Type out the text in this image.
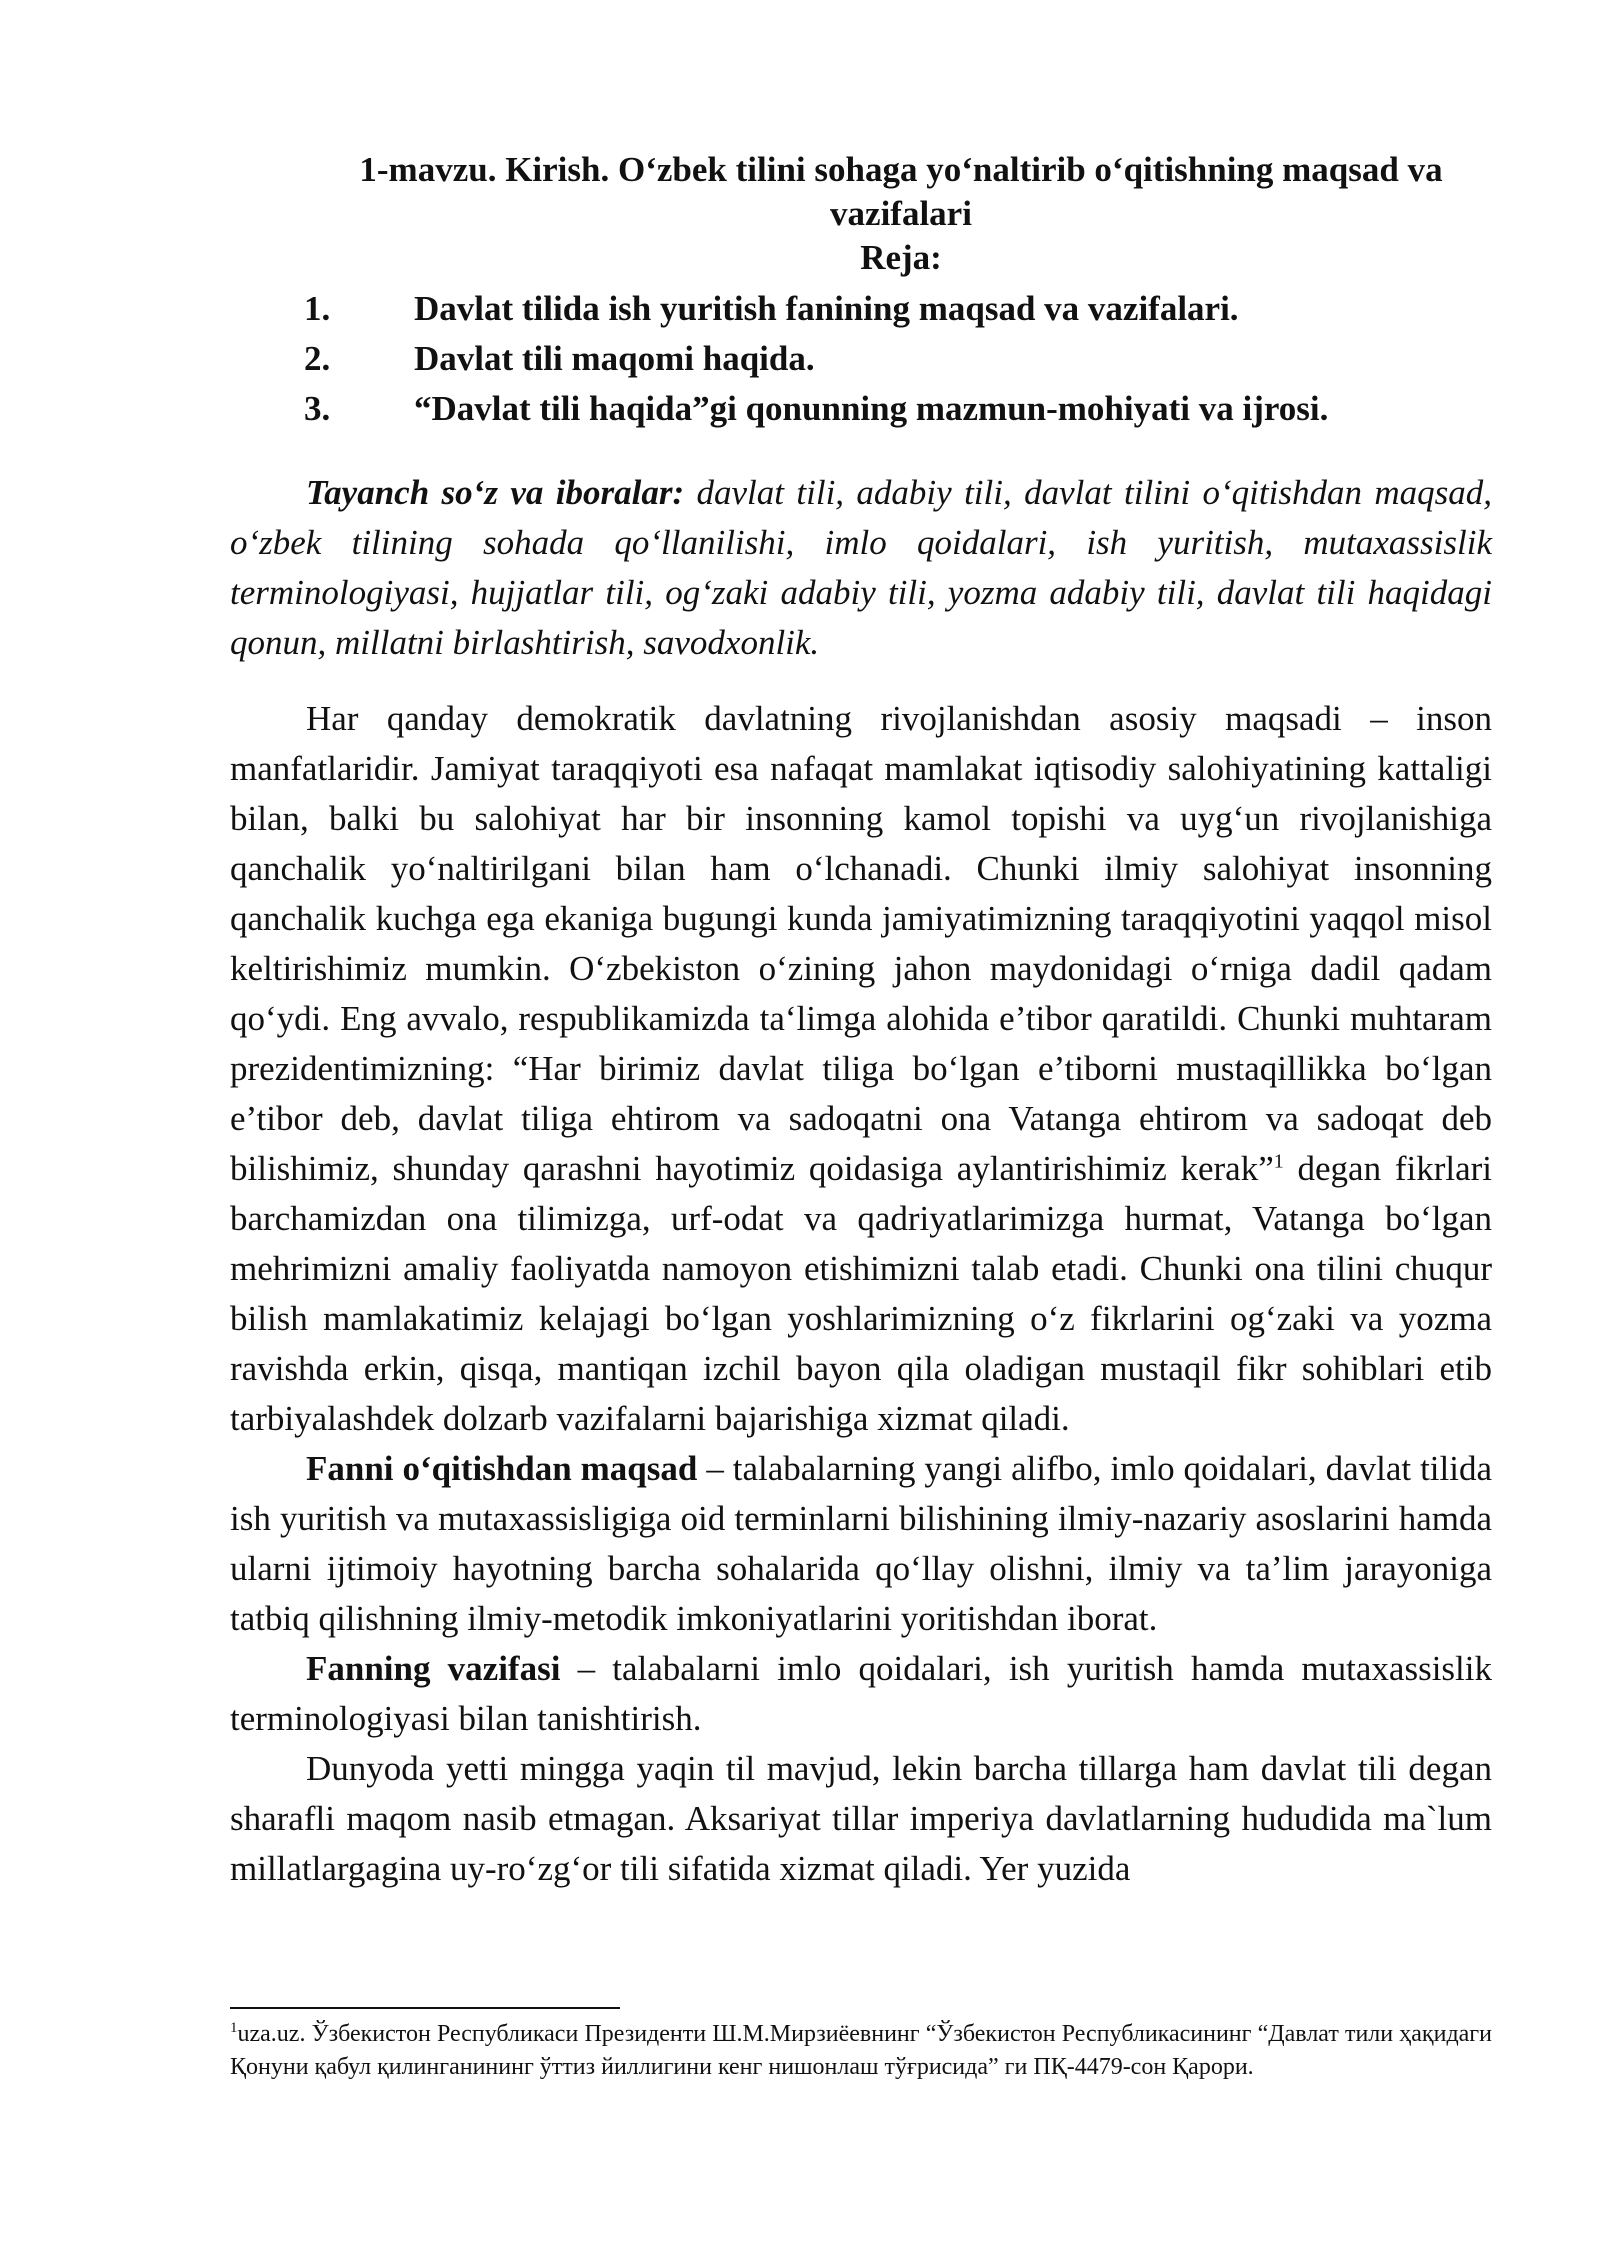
1-mavzu. Kirish. O‘zbek tilini sohaga yo‘naltirib o‘qitishning maqsad va vazifalari
Reja:
1.	Davlat tilida ish yuritish fanining maqsad va vazifalari.
2.	Davlat tili maqomi haqida.
3.	“Davlat tili haqida”gi qonunning mazmun-mohiyati va ijrosi.

Tayanch so‘z va iboralar: davlat tili, adabiy tili, davlat tilini o‘qitishdan maqsad, o‘zbek tilining sohada qo‘llanilishi, imlo qoidalari, ish yuritish, mutaxassislik terminologiyasi, hujjatlar tili, og‘zaki adabiy tili, yozma adabiy tili, davlat tili haqidagi qonun, millatni birlashtirish, savodxonlik.

Har qanday demokratik davlatning rivojlanishdan asosiy maqsadi – inson manfatlaridir. Jamiyat taraqqiyoti esa nafaqat mamlakat iqtisodiy salohiyatining kattaligi bilan, balki bu salohiyat har bir insonning kamol topishi va uyg‘un rivojlanishiga qanchalik yo‘naltirilgani bilan ham o‘lchanadi. Chunki ilmiy salohiyat insonning qanchalik kuchga ega ekaniga bugungi kunda jamiyatimizning taraqqiyotini yaqqol misol keltirishimiz mumkin. O‘zbekiston o‘zining jahon maydonidagi o‘rniga dadil qadam qo‘ydi. Eng avvalo, respublikamizda ta‘limga alohida e’tibor qaratildi. Chunki muhtaram prezidentimizning: “Har birimiz davlat tiliga bo‘lgan e’tiborni mustaqillikka bo‘lgan e’tibor deb, davlat tiliga ehtirom va sadoqatni ona Vatanga ehtirom va sadoqat deb bilishimiz, shunday qarashni hayotimiz qoidasiga aylantirishimiz kerak”$^1$ degan fikrlari barchamizdan ona tilimizga, urf-odat va qadriyatlarimizga hurmat, Vatanga bo‘lgan mehrimizni amaliy faoliyatda namoyon etishimizni talab etadi. Chunki ona tilini chuqur bilish mamlakatimiz kelajagi bo‘lgan yoshlarimizning o‘z fikrlarini og‘zaki va yozma ravishda erkin, qisqa, mantiqan izchil bayon qila oladigan mustaqil fikr sohiblari etib tarbiyalashdek dolzarb vazifalarni bajarishiga xizmat qiladi.

Fanni o‘qitishdan maqsad – talabalarning yangi alifbo, imlo qoidalari, davlat tilida ish yuritish va mutaxassisligiga oid terminlarni bilishining ilmiy-nazariy asoslarini hamda ularni ijtimoiy hayotning barcha sohalarida qo‘llay olishni, ilmiy va ta’lim jarayoniga tatbiq qilishning ilmiy-metodik imkoniyatlarini yoritishdan iborat.

Fanning vazifasi – talabalarni imlo qoidalari, ish yuritish hamda mutaxassislik terminologiyasi bilan tanishtirish.

Dunyoda yetti mingga yaqin til mavjud, lekin barcha tillarga ham davlat tili degan sharafli maqom nasib etmagan. Aksariyat tillar imperiya davlatlarning hududida ma`lum millatlargagina uy-ro‘zg‘or tili sifatida xizmat qiladi. Yer yuzida

$^1$uza.uz. Ўзбекистон Республикаси Президенти Ш.М.Мирзиёевнинг “Ўзбекистон Республикасининг “Давлат тили ҳақидаги Қонуни қабул қилинганининг ўттиз йиллигини кенг нишонлаш тўғрисида” ги ПҚ-4479-сон Қарори.
